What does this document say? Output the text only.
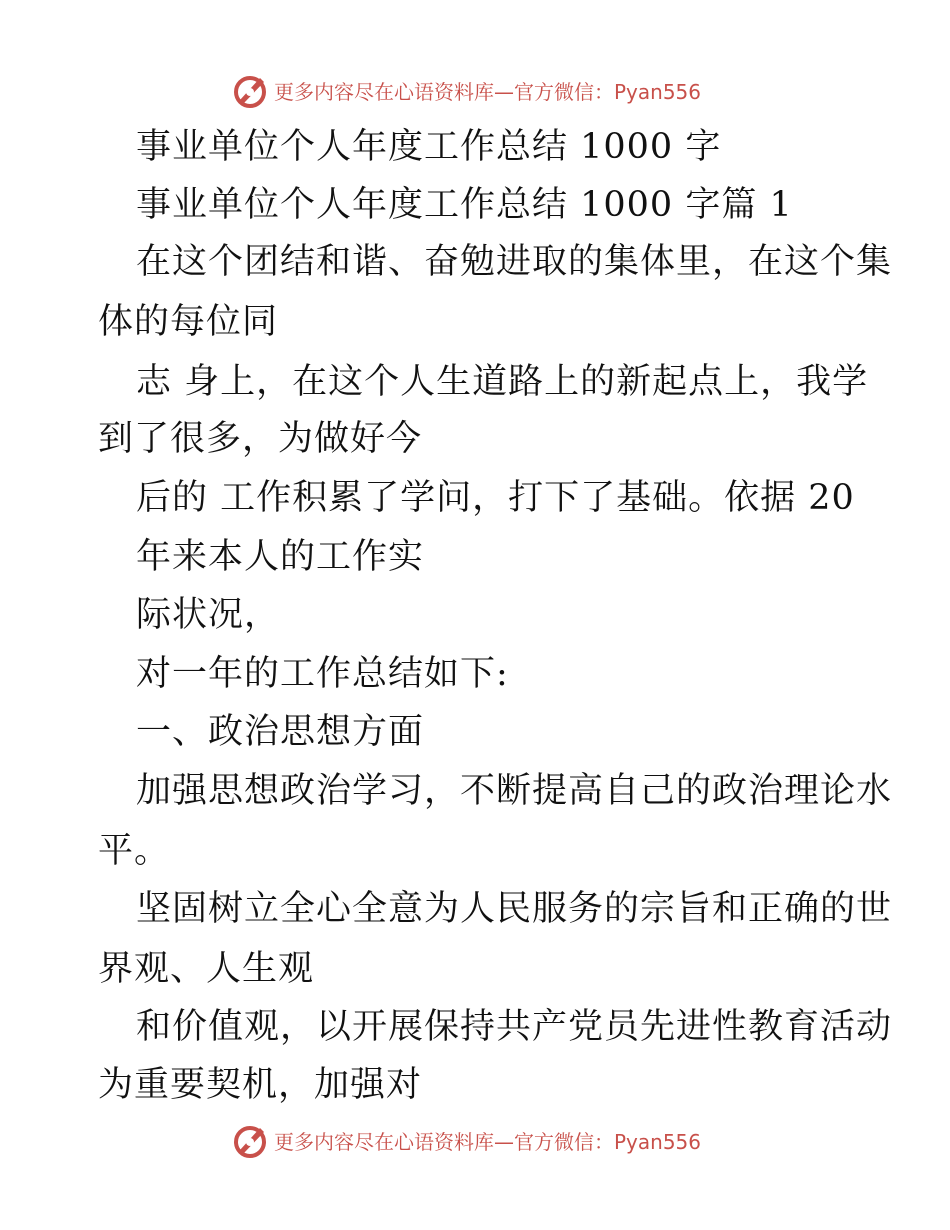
更多内容尽在心语资料库—官方微信：Pyan556
事业单位个人年度工作总结 1000 字
事业单位个人年度工作总结 1000 字篇 1
在这个团结和谐、奋勉进取的集体里，在这个集
体的每位同
志 身上，在这个人生道路上的新起点上，我学
到了很多，为做好今
后的 工作积累了学问，打下了基础。依据 20
年来本人的工作实
际状况，
对一年的工作总结如下:
一、政治思想方面
加强思想政治学习，不断提高自己的政治理论水
平。
坚固树立全心全意为人民服务的宗旨和正确的世
界观、人生观
和价值观，以开展保持共产党员先进性教育活动
为重要契机，加强对
更多内容尽在心语资料库—官方微信：Pyan556
